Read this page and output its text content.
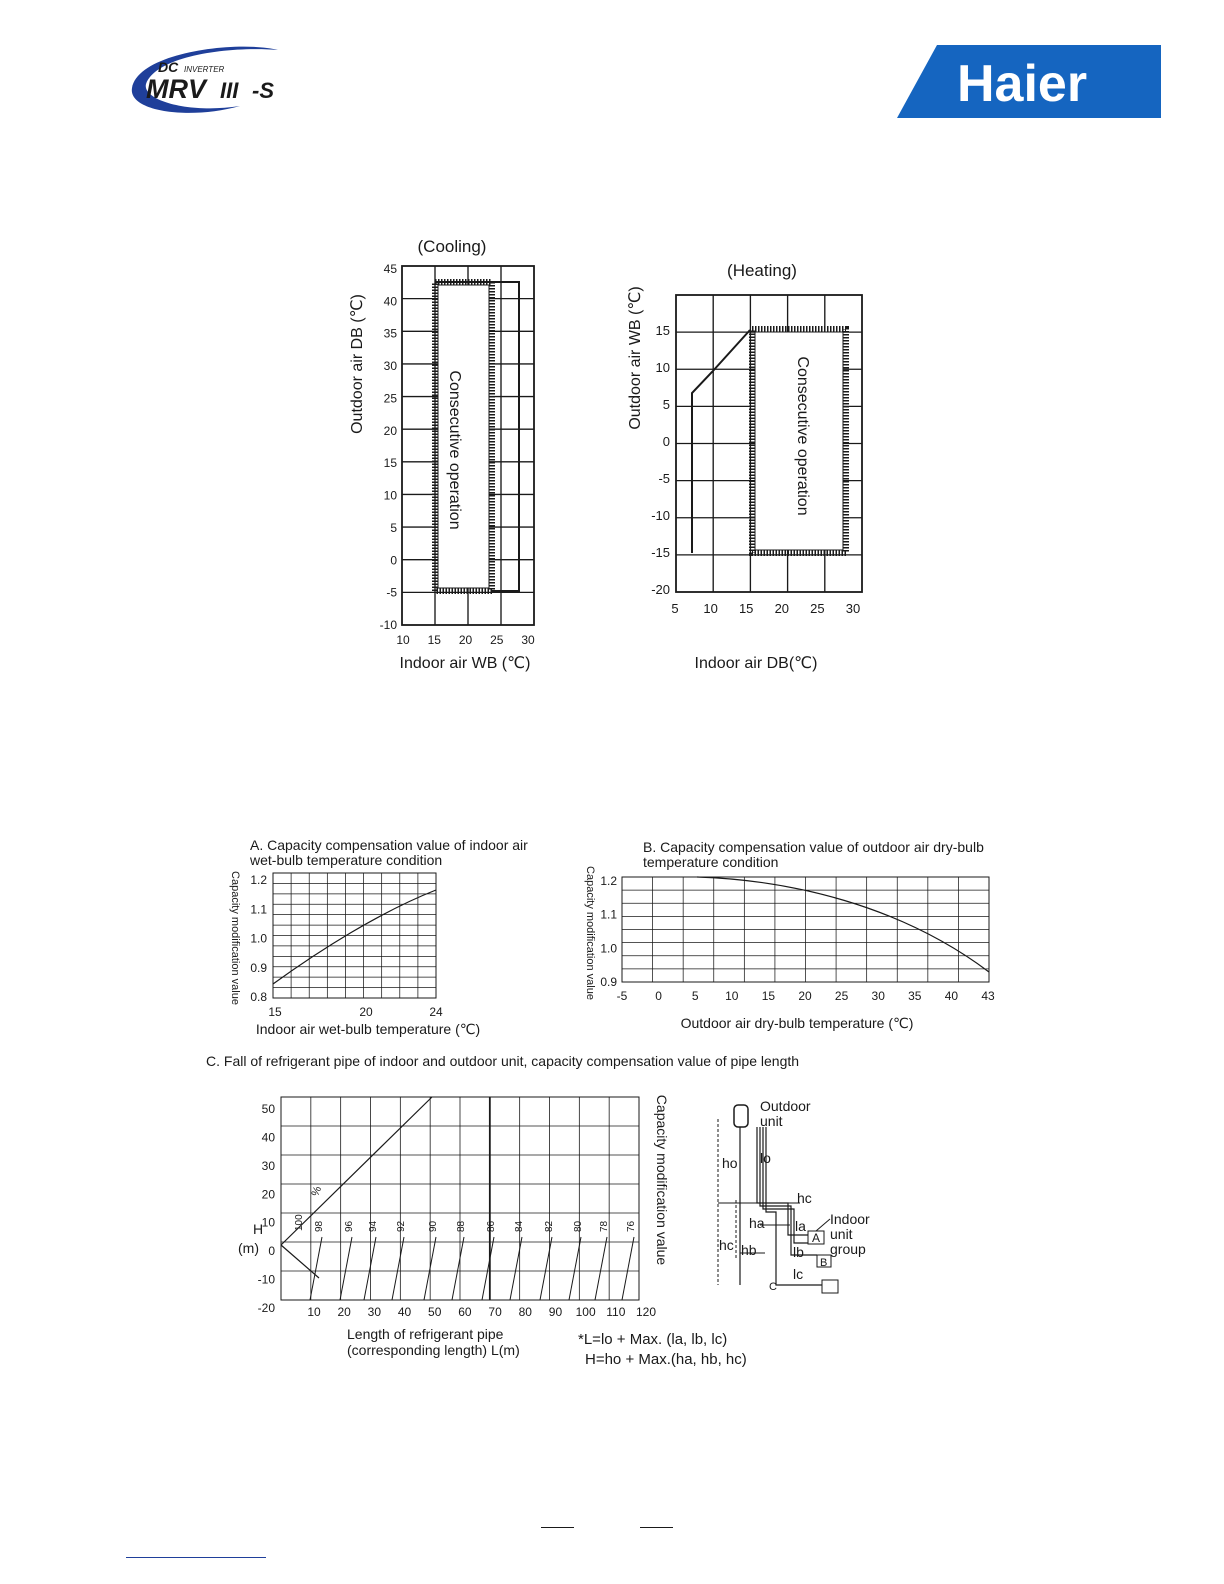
DC INVERTER
MRV III -S	Haier
(Cooling)
Outdoor air DB (℃)
Indoor air WB (℃)
45
40
35
30
25
20
15
10
5
0
-5
-10
10 15 20 25 30
Consecutive operation
(Heating)
Outdoor air WB (℃)
Indoor air DB(℃)
15
10
5
0
-5
-10
-15
-20
5 10 15 20 25 30
Consecutive operation
A. Capacity compensation value of indoor air
wet-bulb temperature condition
Capacity modification value 1.2
1.1
1.0
0.9
0.8
15	20	24
Indoor air wet-bulb temperature (℃)
B. Capacity compensation value of outdoor air dry-bulb
temperature condition
Capacity modification value 1.2
1.1
1.0
0.9
-5 0 5 10 15 20 25 30 35 40 43
Outdoor air dry-bulb temperature (℃)
C. Fall of refrigerant pipe of indoor and outdoor unit, capacity compensation value of pipe length
50
40
30
20
10
0
-10
-20	10 20 30 40 50 60 70 80 90 100 110 120
100 98 96 94 92 90 88 86 84 82 80 78 76
H
(m)
%	Capacity modification value
Length of refrigerant pipe
(corresponding length) L(m)
Outdoor
unit
A
B
C
Indoor
unit
group
ho lo
hc
ha
hc hb
la
lb
lc
*L=lo + Max. (la, lb, lc)
H=ho + Max.(ha, hb, hc)
